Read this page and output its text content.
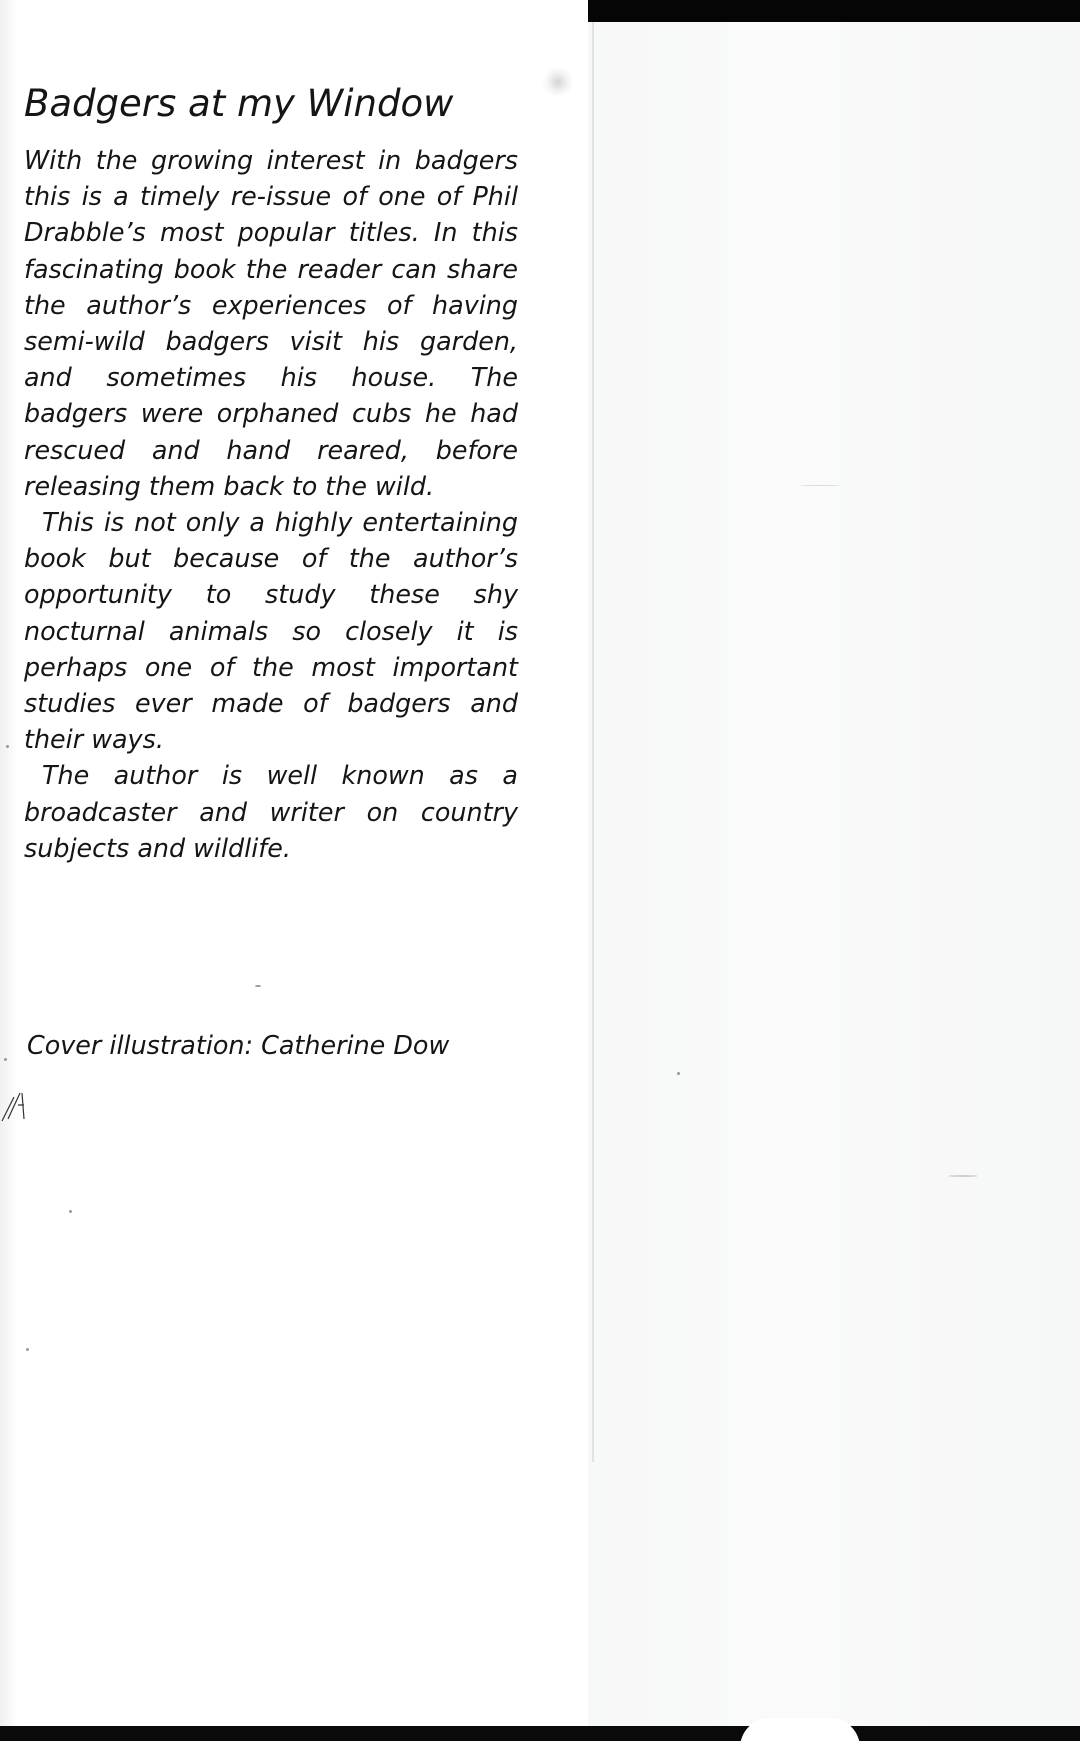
Badgers at my Window

With the growing interest in badgers this is a timely re-issue of one of Phil Drabble’s most popular titles. In this fascinating book the reader can share the author’s experiences of having semi-wild badgers visit his garden, and sometimes his house. The badgers were orphaned cubs he had rescued and hand reared, before releasing them back to the wild.

This is not only a highly entertaining book but because of the author’s opportunity to study these shy nocturnal animals so closely it is perhaps one of the most important studies ever made of badgers and their ways.

The author is well known as a broadcaster and writer on country subjects and wildlife.

Cover illustration: Catherine Dow
